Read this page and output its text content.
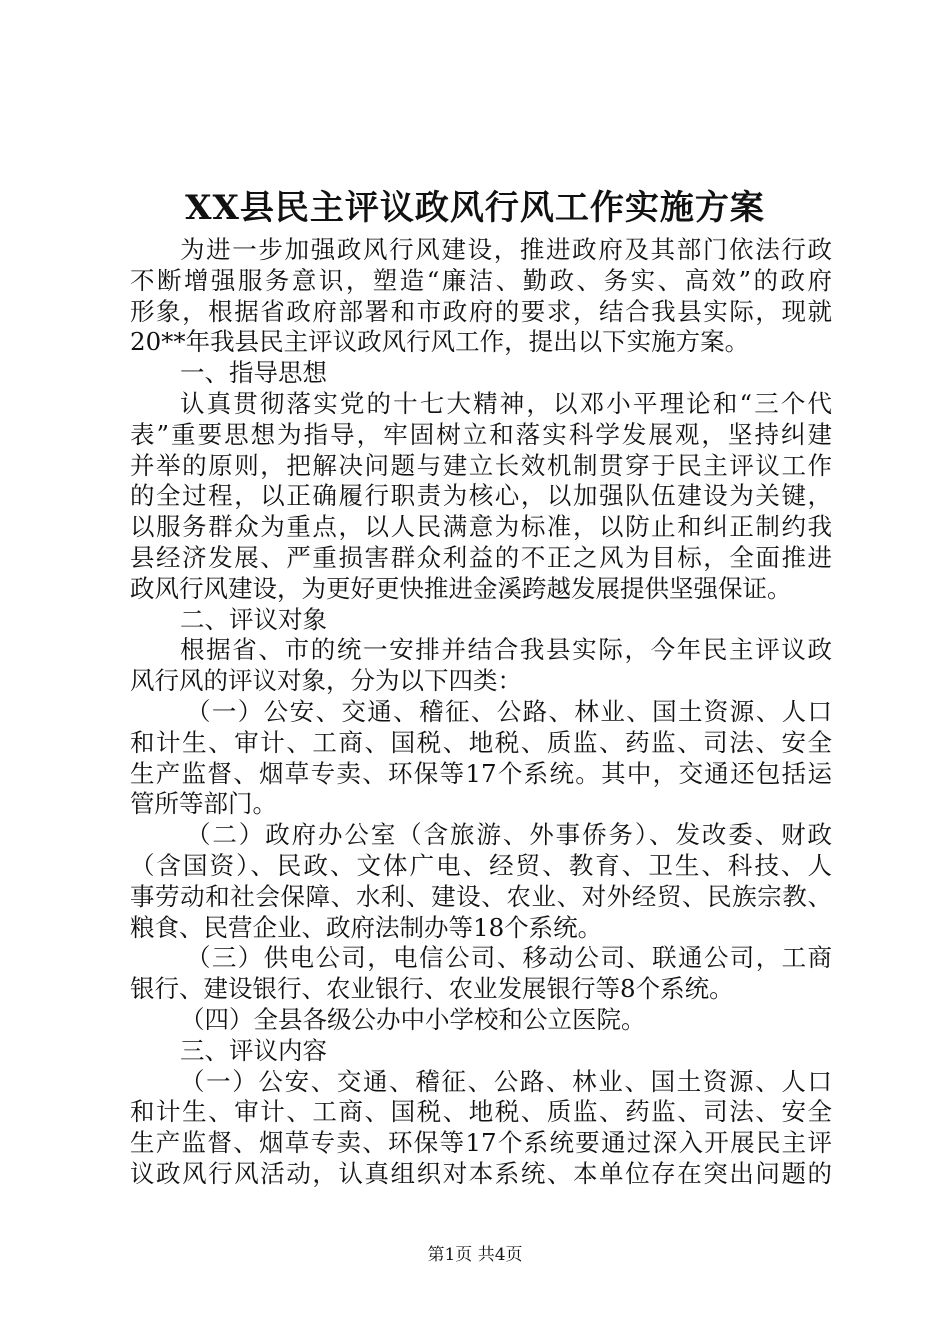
XX县民主评议政风行风工作实施方案
为进一步加强政风行风建设，推进政府及其部门依法行政
不断增强服务意识，塑造“廉洁、勤政、务实、高效”的政府
形象，根据省政府部署和市政府的要求，结合我县实际，现就
20**年我县民主评议政风行风工作，提出以下实施方案。
一、指导思想
认真贯彻落实党的十七大精神，以邓小平理论和“三个代
表”重要思想为指导，牢固树立和落实科学发展观，坚持纠建
并举的原则，把解决问题与建立长效机制贯穿于民主评议工作
的全过程，以正确履行职责为核心，以加强队伍建设为关键，
以服务群众为重点，以人民满意为标准，以防止和纠正制约我
县经济发展、严重损害群众利益的不正之风为目标，全面推进
政风行风建设，为更好更快推进金溪跨越发展提供坚强保证。
二、评议对象
根据省、市的统一安排并结合我县实际，今年民主评议政
风行风的评议对象，分为以下四类：
（一）公安、交通、稽征、公路、林业、国土资源、人口
和计生、审计、工商、国税、地税、质监、药监、司法、安全
生产监督、烟草专卖、环保等17个系统。其中，交通还包括运
管所等部门。
（二）政府办公室（含旅游、外事侨务）、发改委、财政
（含国资）、民政、文体广电、经贸、教育、卫生、科技、人
事劳动和社会保障、水利、建设、农业、对外经贸、民族宗教、
粮食、民营企业、政府法制办等18个系统。
（三）供电公司，电信公司、移动公司、联通公司，工商
银行、建设银行、农业银行、农业发展银行等8个系统。
（四）全县各级公办中小学校和公立医院。
三、评议内容
（一）公安、交通、稽征、公路、林业、国土资源、人口
和计生、审计、工商、国税、地税、质监、药监、司法、安全
生产监督、烟草专卖、环保等17个系统要通过深入开展民主评
议政风行风活动，认真组织对本系统、本单位存在突出问题的
第1页 共4页
